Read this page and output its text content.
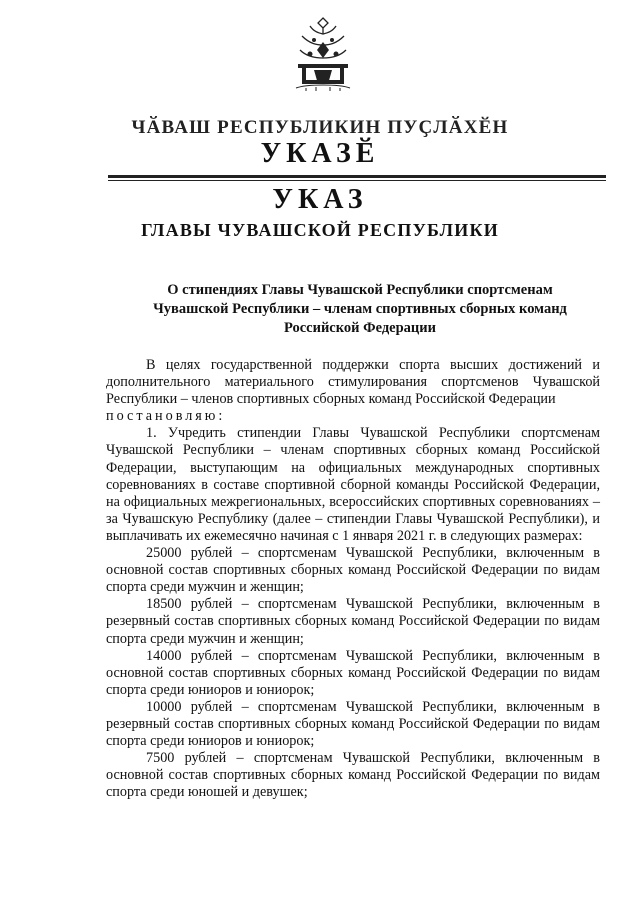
ЧӐВАШ РЕСПУБЛИКИН ПУҪЛӐХӖН
УКАЗӖ
УКАЗ
ГЛАВЫ ЧУВАШСКОЙ РЕСПУБЛИКИ
О стипендиях Главы Чувашской Республики спортсменам
Чувашской Республики – членам спортивных сборных команд
Российской Федерации

В целях государственной поддержки спорта высших достижений и дополнительного материального стимулирования спортсменов Чувашской Республики – членов спортивных сборных команд Российской Федерации

постановляю:

1. Учредить стипендии Главы Чувашской Республики спортсменам Чувашской Республики – членам спортивных сборных команд Российской Федерации, выступающим на официальных международных спортивных соревнованиях в составе спортивной сборной команды Российской Федерации, на официальных межрегиональных, всероссийских спортивных соревнованиях – за Чувашскую Республику (далее – стипендии Главы Чувашской Республики), и выплачивать их ежемесячно начиная с 1 января 2021 г. в следующих размерах:

25000 рублей – спортсменам Чувашской Республики, включенным в основной состав спортивных сборных команд Российской Федерации по видам спорта среди мужчин и женщин;

18500 рублей – спортсменам Чувашской Республики, включенным в резервный состав спортивных сборных команд Российской Федерации по видам спорта среди мужчин и женщин;

14000 рублей – спортсменам Чувашской Республики, включенным в основной состав спортивных сборных команд Российской Федерации по видам спорта среди юниоров и юниорок;

10000 рублей – спортсменам Чувашской Республики, включенным в резервный состав спортивных сборных команд Российской Федерации по видам спорта среди юниоров и юниорок;

7500 рублей – спортсменам Чувашской Республики, включенным в основной состав спортивных сборных команд Российской Федерации по видам спорта среди юношей и девушек;
